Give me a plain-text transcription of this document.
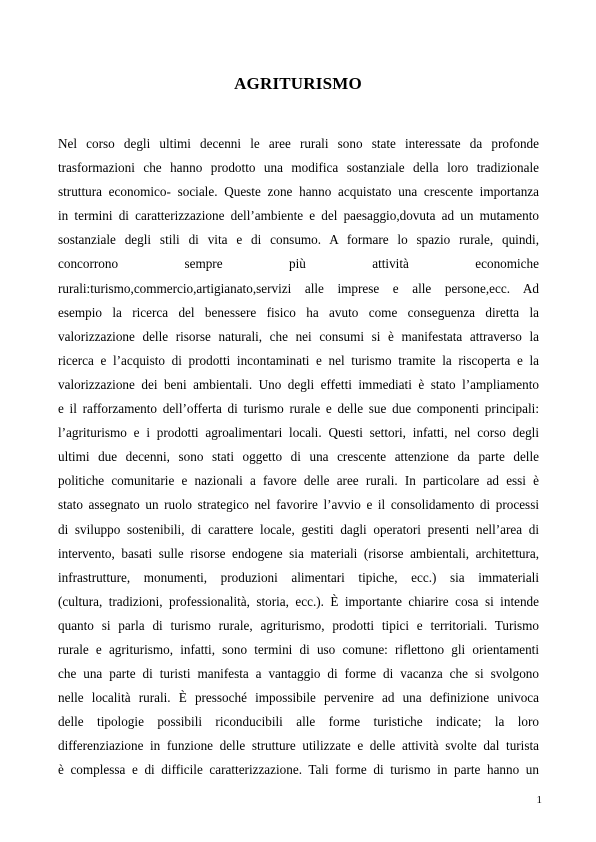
AGRITURISMO

Nel corso degli ultimi decenni le aree rurali sono state interessate da profonde
trasformazioni che hanno prodotto una modifica sostanziale della loro tradizionale
struttura economico- sociale. Queste zone hanno acquistato una crescente importanza
in termini di caratterizzazione dell’ambiente e del paesaggio,dovuta ad un mutamento
sostanziale degli stili di vita e di consumo. A formare lo spazio rurale, quindi,
concorrono sempre più attività economiche
rurali:turismo,commercio,artigianato,servizi alle imprese e alle persone,ecc. Ad
esempio la ricerca del benessere fisico ha avuto come conseguenza diretta la
valorizzazione delle risorse naturali, che nei consumi si è manifestata attraverso la
ricerca e l’acquisto di prodotti incontaminati e nel turismo tramite la riscoperta e la
valorizzazione dei beni ambientali. Uno degli effetti immediati è stato l’ampliamento
e il rafforzamento dell’offerta di turismo rurale e delle sue due componenti principali:
l’agriturismo e i prodotti agroalimentari locali. Questi settori, infatti, nel corso degli
ultimi due decenni, sono stati oggetto di una crescente attenzione da parte delle
politiche comunitarie e nazionali a favore delle aree rurali. In particolare ad essi è
stato assegnato un ruolo strategico nel favorire l’avvio e il consolidamento di processi
di sviluppo sostenibili, di carattere locale, gestiti dagli operatori presenti nell’area di
intervento, basati sulle risorse endogene sia materiali (risorse ambientali, architettura,
infrastrutture, monumenti, produzioni alimentari tipiche, ecc.) sia immateriali
(cultura, tradizioni, professionalità, storia, ecc.). È importante chiarire cosa si intende
quanto si parla di turismo rurale, agriturismo, prodotti tipici e territoriali. Turismo
rurale e agriturismo, infatti, sono termini di uso comune: riflettono gli orientamenti
che una parte di turisti manifesta a vantaggio di forme di vacanza che si svolgono
nelle località rurali. È pressoché impossibile pervenire ad una definizione univoca
delle tipologie possibili riconducibili alle forme turistiche indicate; la loro
differenziazione in funzione delle strutture utilizzate e delle attività svolte dal turista
è complessa e di difficile caratterizzazione. Tali forme di turismo in parte hanno un

1
